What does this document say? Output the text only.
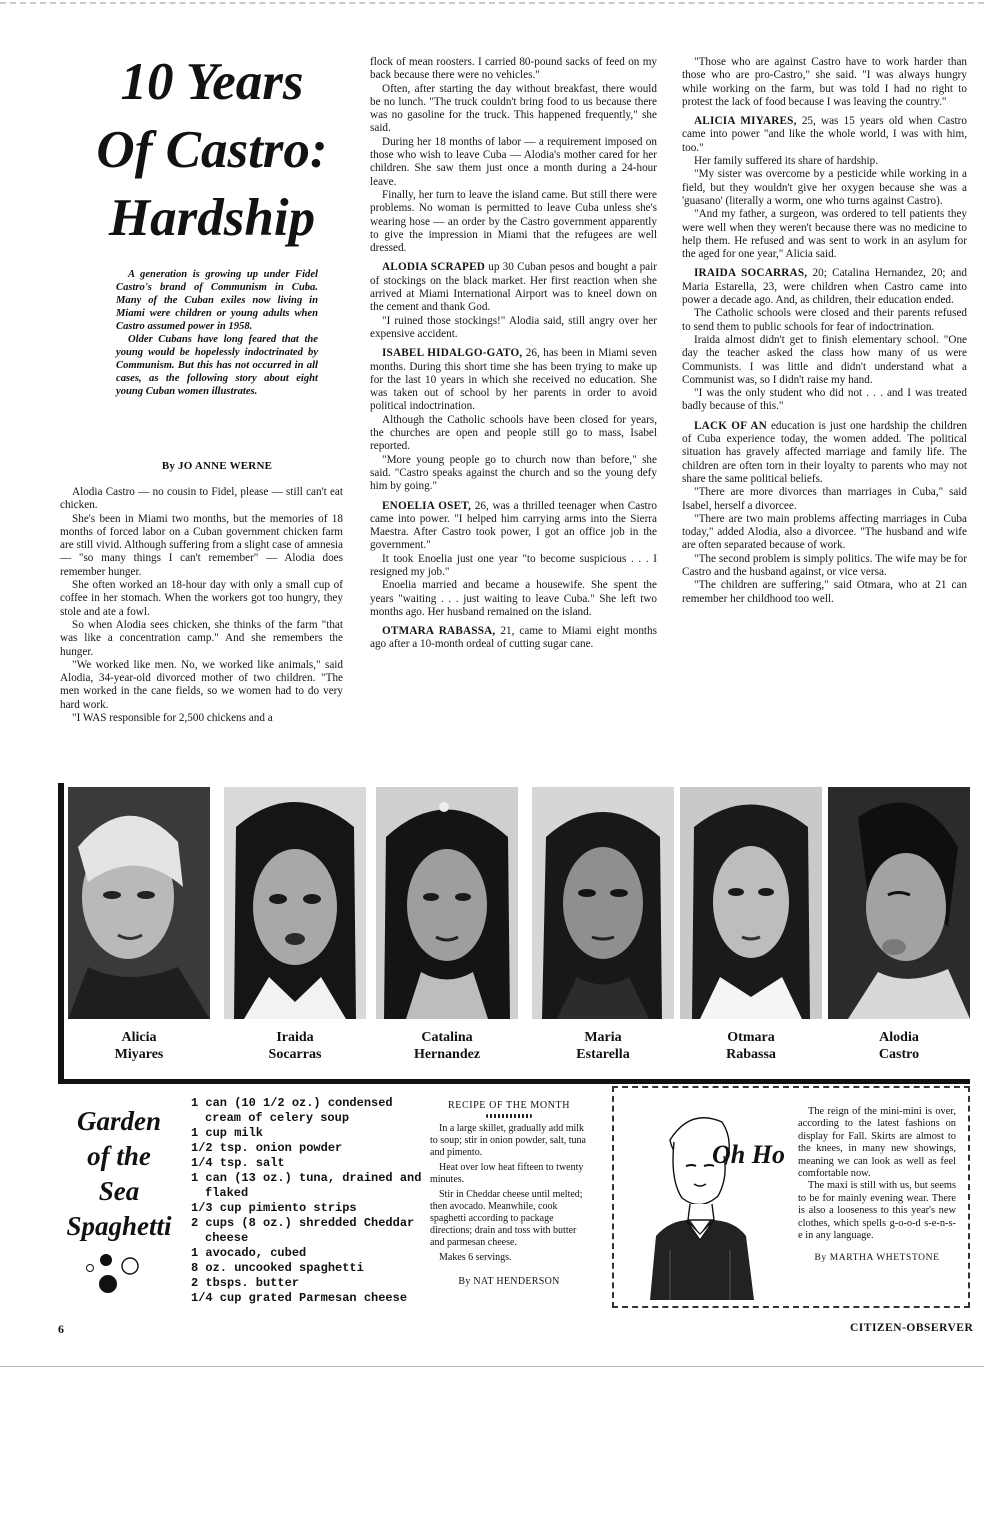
10 Years
Of Castro:
Hardship

A generation is growing up under Fidel Castro's brand of Communism in Cuba. Many of the Cuban exiles now living in Miami were children or young adults when Castro assumed power in 1958.

Older Cubans have long feared that the young would be hopelessly indoctrinated by Communism. But this has not occurred in all cases, as the following story about eight young Cuban women illustrates.

By JO ANNE WERNE

Alodia Castro — no cousin to Fidel, please — still can't eat chicken.

She's been in Miami two months, but the memories of 18 months of forced labor on a Cuban government chicken farm are still vivid. Although suffering from a slight case of amnesia — "so many things I can't remember" — Alodia does remember hunger.

She often worked an 18-hour day with only a small cup of coffee in her stomach. When the workers got too hungry, they stole and ate a fowl.

So when Alodia sees chicken, she thinks of the farm "that was like a concentration camp." And she remembers the hunger.

"We worked like men. No, we worked like animals," said Alodia, 34-year-old divorced mother of two children. "The men worked in the cane fields, so we women had to do very hard work.

"I WAS responsible for 2,500 chickens and a

flock of mean roosters. I carried 80-pound sacks of feed on my back because there were no vehicles."

Often, after starting the day without breakfast, there would be no lunch. "The truck couldn't bring food to us because there was no gasoline for the truck. This happened frequently," she said.

During her 18 months of labor — a requirement imposed on those who wish to leave Cuba — Alodia's mother cared for her children. She saw them just once a month during a 24-hour leave.

Finally, her turn to leave the island came. But still there were problems. No woman is permitted to leave Cuba unless she's wearing hose — an order by the Castro government apparently to give the impression in Miami that the refugees are well dressed.

ALODIA SCRAPED up 30 Cuban pesos and bought a pair of stockings on the black market. Her first reaction when she arrived at Miami International Airport was to kneel down on the cement and thank God.

"I ruined those stockings!" Alodia said, still angry over her expensive accident.

ISABEL HIDALGO-GATO, 26, has been in Miami seven months. During this short time she has been trying to make up for the last 10 years in which she received no education. She was taken out of school by her parents in order to avoid political indoctrination.

Although the Catholic schools have been closed for years, the churches are open and people still go to mass, Isabel reported.

"More young people go to church now than before," she said. "Castro speaks against the church and so the young defy him by going."

ENOELIA OSET, 26, was a thrilled teenager when Castro came into power. "I helped him carrying arms into the Sierra Maestra. After Castro took power, I got an office job in the government."

It took Enoelia just one year "to become suspicious . . . I resigned my job."

Enoelia married and became a housewife. She spent the years "waiting . . . just waiting to leave Cuba." She left two months ago. Her husband remained on the island.

OTMARA RABASSA, 21, came to Miami eight months ago after a 10-month ordeal of cutting sugar cane.

"Those who are against Castro have to work harder than those who are pro-Castro," she said. "I was always hungry while working on the farm, but was told I had no right to protest the lack of food because I was leaving the country."

ALICIA MIYARES, 25, was 15 years old when Castro came into power "and like the whole world, I was with him, too."

Her family suffered its share of hardship.

"My sister was overcome by a pesticide while working in a field, but they wouldn't give her oxygen because she was a 'guasano' (literally a worm, one who turns against Castro).

"And my father, a surgeon, was ordered to tell patients they were well when they weren't because there was no medicine to help them. He refused and was sent to work in an asylum for the aged for one year," Alicia said.

IRAIDA SOCARRAS, 20; Catalina Hernandez, 20; and Maria Estarella, 23, were children when Castro came into power a decade ago. And, as children, their education ended.

The Catholic schools were closed and their parents refused to send them to public schools for fear of indoctrination.

Iraida almost didn't get to finish elementary school. "One day the teacher asked the class how many of us were Communists. I was little and didn't understand what a Communist was, so I didn't raise my hand.

"I was the only student who did not . . . and I was treated badly because of this."

LACK OF AN education is just one hardship the children of Cuba experience today, the women added. The political situation has gravely affected marriage and family life. The children are often torn in their loyalty to parents who may not share the same political beliefs.

"There are more divorces than marriages in Cuba," said Isabel, herself a divorcee.

"There are two main problems affecting marriages in Cuba today," added Alodia, also a divorcee. "The husband and wife are often separated because of work.

"The second problem is simply politics. The wife may be for Castro and the husband against, or vice versa.

"The children are suffering," said Otmara, who at 21 can remember her childhood too well.

Alicia
Miyares
Iraida
Socarras
Catalina
Hernandez
Maria
Estarella
Otmara
Rabassa
Alodia
Castro
Garden
of the
Sea
Spaghetti
1 can (10 1/2 oz.) condensed cream of celery soup
1 cup milk
1/2 tsp. onion powder
1/4 tsp. salt
1 can (13 oz.) tuna, drained and flaked
1/3 cup pimiento strips
2 cups (8 oz.) shredded Cheddar cheese
1 avocado, cubed
8 oz. uncooked spaghetti
2 tbsps. butter
1/4 cup grated Parmesan cheese
RECIPE OF THE MONTH

In a large skillet, gradually add milk to soup; stir in onion powder, salt, tuna and pimento.

Heat over low heat fifteen to twenty minutes.

Stir in Cheddar cheese until melted; then avocado. Meanwhile, cook spaghetti according to package directions; drain and toss with butter and parmesan cheese.

Makes 6 servings.

By NAT HENDERSON
Oh Ho

The reign of the mini-mini is over, according to the latest fashions on display for Fall. Skirts are almost to the knees, in many new showings, meaning we can look as well as feel comfortable now.

The maxi is still with us, but seems to be for mainly evening wear. There is also a looseness to this year's new clothes, which spells g-o-o-d s-e-n-s-e in any language.

By MARTHA WHETSTONE

6	CITIZEN-OBSERVER
